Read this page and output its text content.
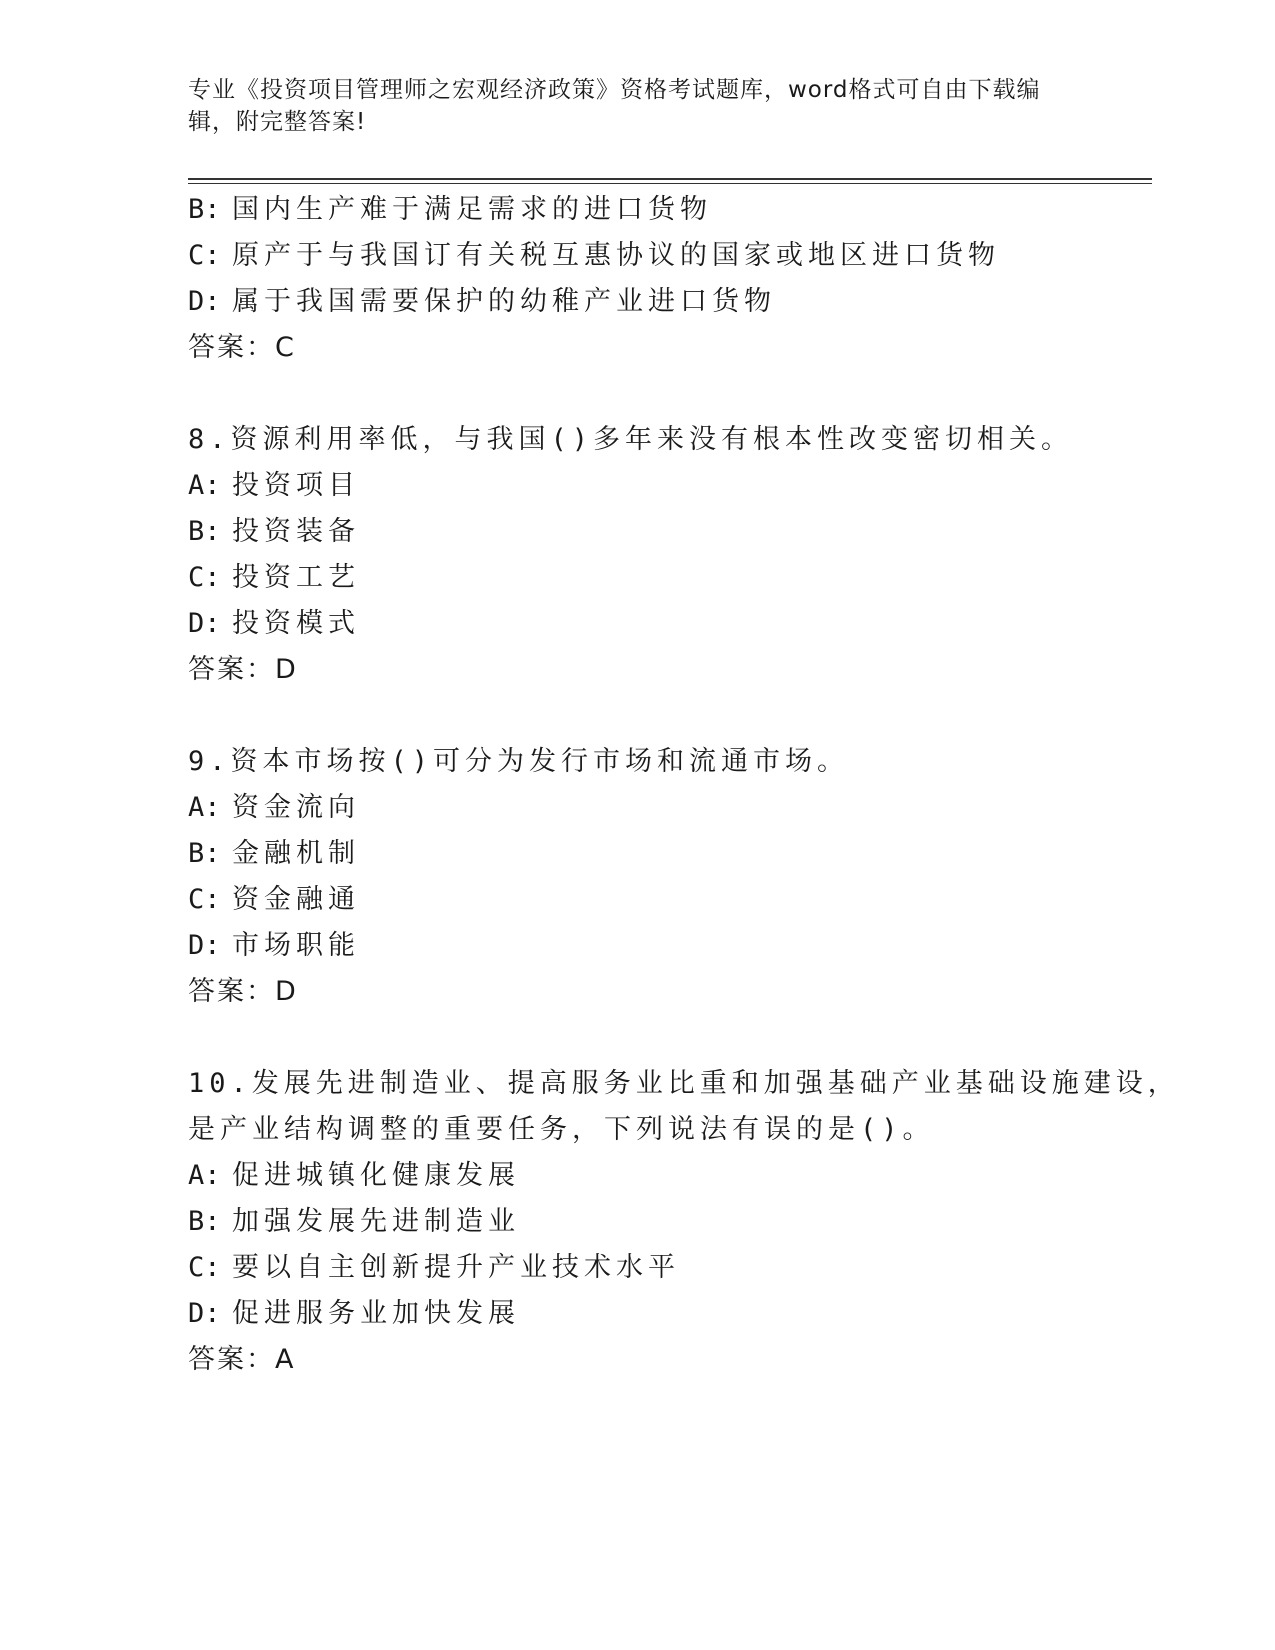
专业《投资项目管理师之宏观经济政策》资格考试题库，word格式可自由下载编
辑，附完整答案!
B: 国内生产难于满足需求的进口货物
C: 原产于与我国订有关税互惠协议的国家或地区进口货物
D: 属于我国需要保护的幼稚产业进口货物
答案：C
8.资源利用率低，与我国()多年来没有根本性改变密切相关。
A: 投资项目
B: 投资装备
C: 投资工艺
D: 投资模式
答案：D
9.资本市场按()可分为发行市场和流通市场。
A: 资金流向
B: 金融机制
C: 资金融通
D: 市场职能
答案：D
10.发展先进制造业、提高服务业比重和加强基础产业基础设施建设，
是产业结构调整的重要任务，下列说法有误的是()。
A: 促进城镇化健康发展
B: 加强发展先进制造业
C: 要以自主创新提升产业技术水平
D: 促进服务业加快发展
答案：A
